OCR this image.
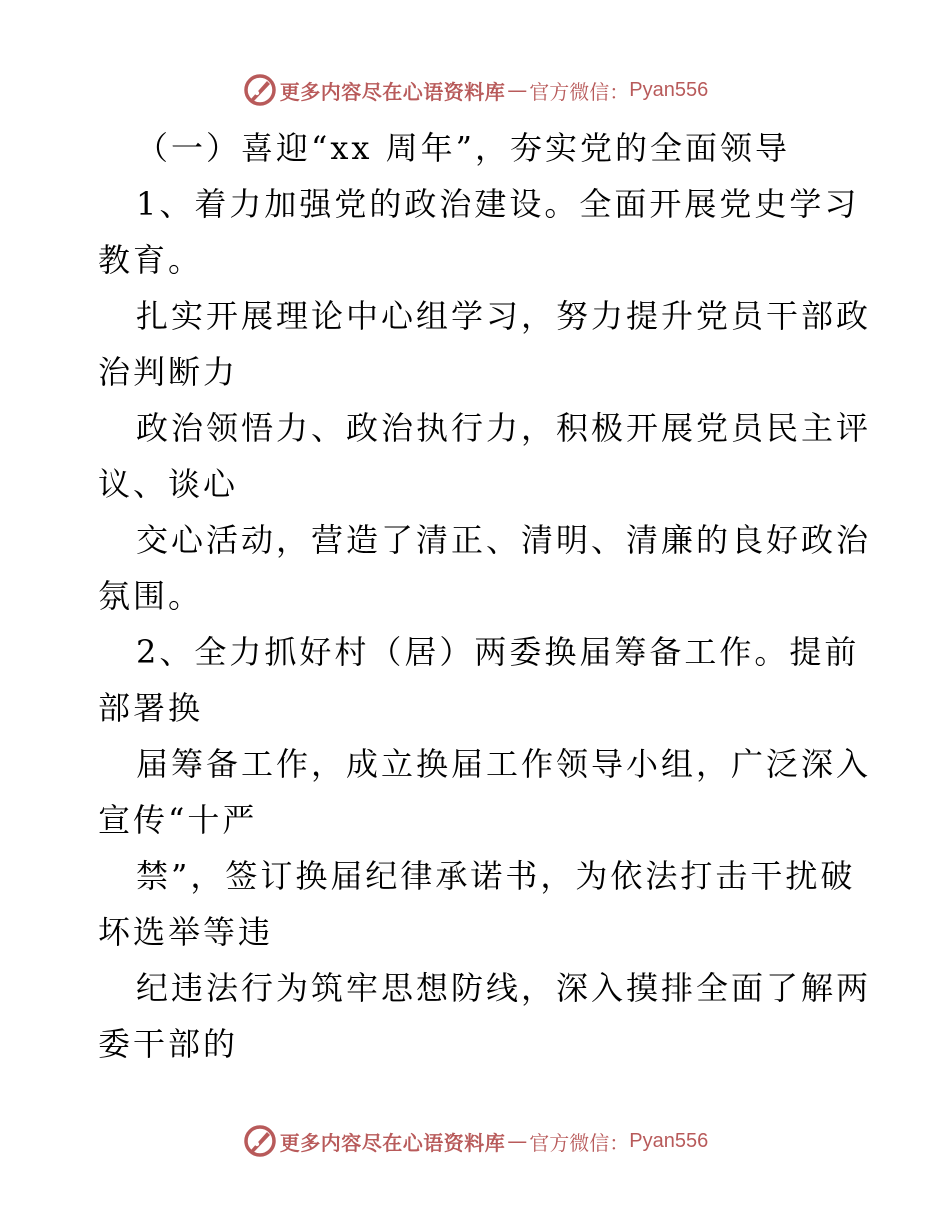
更多内容尽在心语资料库 — 官方微信： Pyan556
（一）喜迎“xx 周年”，夯实党的全面领导
1、着力加强党的政治建设。全面开展党史学习
教育。
扎实开展理论中心组学习，努力提升党员干部政
治判断力
政治领悟力、政治执行力，积极开展党员民主评
议、谈心
交心活动，营造了清正、清明、清廉的良好政治
氛围。
2、全力抓好村（居）两委换届筹备工作。提前
部署换
届筹备工作，成立换届工作领导小组，广泛深入
宣传“十严
禁”，签订换届纪律承诺书，为依法打击干扰破
坏选举等违
纪违法行为筑牢思想防线，深入摸排全面了解两
委干部的
更多内容尽在心语资料库 — 官方微信： Pyan556
